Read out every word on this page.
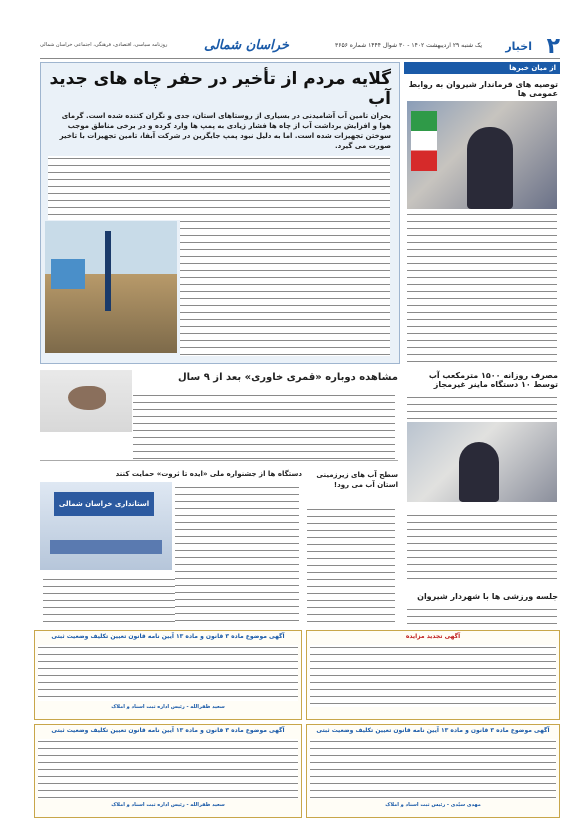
۲
اخبار
یک شنبه ۲۹ اردیبهشت ۱۴۰۲ - ۳۰ شوال ۱۴۴۴ شماره ۳۶۵۶
خراسان شمالی
روزنامه سیاسی، اقتصادی، فرهنگی، اجتماعی خراسان شمالی
از میان خبرها
توصیه های فرماندار شیروان به روابط عمومی ها
مصرف روزانه ۱۵۰۰ مترمکعب آب توسط ۱۰ دستگاه ماینر غیرمجاز
جلسه ورزشی ها با شهردار شیروان
گلایه مردم از تأخیر در حفر چاه های جدید آب
بحران تامین آب آشامیدنی در بسیاری از روستاهای استان، جدی و نگران کننده شده است. گرمای هوا و افزایش برداشت آب از چاه ها فشار زیادی به پمپ ها وارد کرده و در برخی مناطق موجب سوختن تجهیزات شده است. اما به دلیل نبود پمپ جایگزین در شرکت آبفا، تامین تجهیزات با تاخیر صورت می گیرد.
مشاهده دوباره «قمری خاوری» بعد از ۹ سال
سطح آب های زیرزمینی استان آب می رود!
دستگاه ها از جشنواره ملی «ایده تا ثروت» حمایت کنند
استانداری خراسان شمالی
آگهی تجدید مزایده
آگهی موضوع ماده ۳ قانون و ماده ۱۳ آیین نامه قانون تعیین تکلیف وضعیت ثبتی
سعید ظفرالله - رئیس اداره ثبت اسناد و املاک
آگهی موضوع ماده ۳ قانون و ماده ۱۳ آیین نامه قانون تعیین تکلیف وضعیت ثبتی
مهدی سیّدی - رئیس ثبت اسناد و املاک
آگهی موضوع ماده ۳ قانون و ماده ۱۳ آیین نامه قانون تعیین تکلیف وضعیت ثبتی
سعید ظفرالله - رئیس اداره ثبت اسناد و املاک
